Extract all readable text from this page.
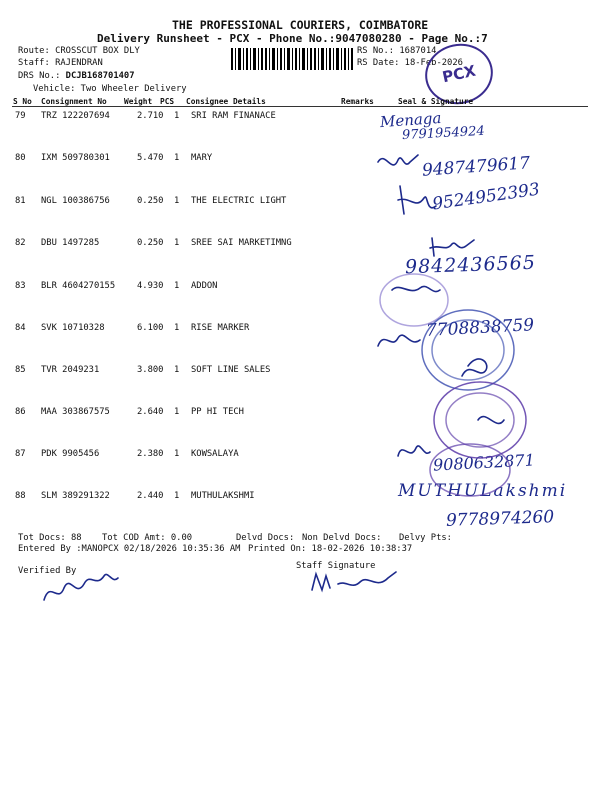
THE PROFESSIONAL COURIERS, COIMBATORE
Delivery Runsheet - PCX - Phone No.:9047080280 - Page No.:7
Route: CROSSCUT BOX DLY
Staff: RAJENDRAN
DRS No.: DCJB168701407
Vehicle: Two Wheeler Delivery
RS No.: 1687014
RS Date: 18-Feb-2026
PCX
S No Consignment No Weight PCS Consignee Details	Remarks	Seal & Signature
79 TRZ 122207694	2.710 1 SRI RAM FINANACE
80 IXM 509780301	5.470 1 MARY
81 NGL 100386756	0.250 1 THE ELECTRIC LIGHT
82 DBU 1497285	0.250 1 SREE SAI MARKETIMNG
83 BLR 4604270155 4.930 1 ADDON
84 SVK 10710328	6.100 1 RISE MARKER
85 TVR 2049231	3.800 1 SOFT LINE SALES
86 MAA 303867575	2.640 1 PP HI TECH
87 PDK 9905456	2.380 1 KOWSALAYA
88 SLM 389291322	2.440 1 MUTHULAKSHMI
Menaga
9791954924
9487479617
9524952393
9842436565
7708838759
9080632871
MUTHULakshmi
9778974260
Tot Docs: 88 Tot COD Amt: 0.00	Delvd Docs: Non Delvd Docs: Delvy Pts:
Entered By :MANOPCX 02/18/2026 10:35:36 AM Printed On: 18-02-2026 10:38:37
Verified By	Staff Signature
